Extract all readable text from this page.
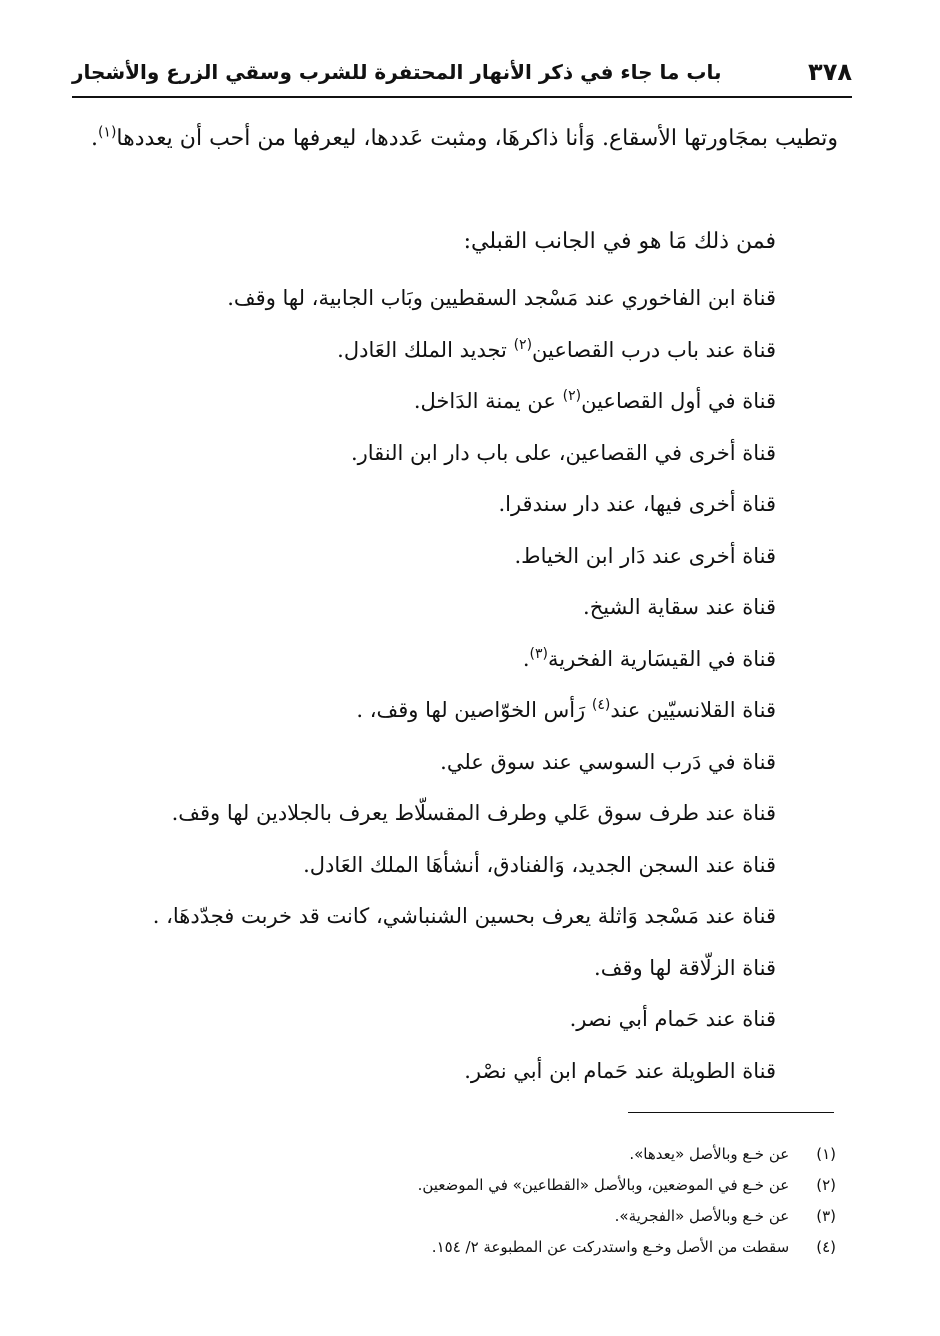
٣٧٨
باب ما جاء في ذكر الأنهار المحتفرة للشرب وسقي الزرع والأشجار

وتطيب بمجَاورتها الأسقاع. وَأنا ذاكرهَا، ومثبت عَددها، ليعرفها من أحب أن يعددها$^{(١)}$.

فمن ذلك مَا هو في الجانب القبلي:
قناة ابن الفاخوري عند مَسْجد السقطيين وبَاب الجابية، لها وقف.
قناة عند باب درب القصاعين$^{(٢)}$ تجديد الملك العَادل.
قناة في أول القصاعين$^{(٢)}$ عن يمنة الدَاخل.
قناة أخرى في القصاعين، على باب دار ابن النقار.
قناة أخرى فيها، عند دار سندقرا.
قناة أخرى عند دَار ابن الخياط.
قناة عند سقاية الشيخ.
قناة في القيسَارية الفخرية$^{(٣)}$.
قناة القلانسيّين عند$^{(٤)}$ رَأس الخوّاصين لها وقف، .
قناة في دَرب السوسي عند سوق علي.
قناة عند طرف سوق عَلي وطرف المقسلّاط يعرف بالجلادين لها وقف.
قناة عند السجن الجديد، وَالفنادق، أنشأهَا الملك العَادل.
قناة عند مَسْجد وَاثلة يعرف بحسين الشنباشي، كانت قد خربت فجدّدهَا، .
قناة الزلّاقة لها وقف.
قناة عند حَمام أبي نصر.
قناة الطويلة عند حَمام ابن أبي نصْر.
(١) عن خـع وبالأصل «يعدها».
(٢) عن خـع في الموضعين، وبالأصل «القطاعين» في الموضعين.
(٣) عن خـع وبالأصل «الفجرية».
(٤) سقطت من الأصل وخـع واستدركت عن المطبوعة ٢/ ١٥٤.
